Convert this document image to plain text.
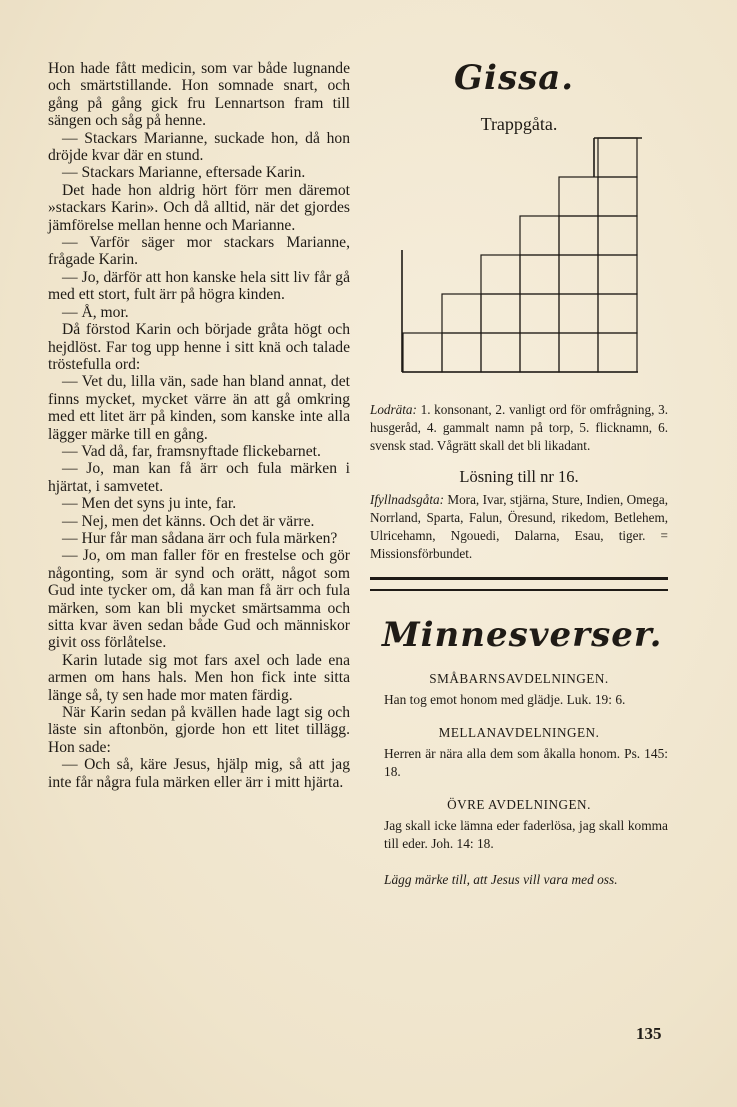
Hon hade fått medicin, som var både lugnande och smärtstillande. Hon somnade snart, och gång på gång gick fru Lennartson fram till sängen och såg på henne.

— Stackars Marianne, suckade hon, då hon dröjde kvar där en stund.

— Stackars Marianne, eftersade Karin.

Det hade hon aldrig hört förr men däremot »stackars Karin». Och då alltid, när det gjordes jämförelse mellan henne och Marianne.

— Varför säger mor stackars Marianne, frågade Karin.

— Jo, därför att hon kanske hela sitt liv får gå med ett stort, fult ärr på högra kinden.

— Å, mor.

Då förstod Karin och började gråta högt och hejdlöst. Far tog upp henne i sitt knä och talade tröstefulla ord:

— Vet du, lilla vän, sade han bland annat, det finns mycket, mycket värre än att gå omkring med ett litet ärr på kinden, som kanske inte alla lägger märke till en gång.

— Vad då, far, framsnyftade flickebarnet.

— Jo, man kan få ärr och fula märken i hjärtat, i samvetet.

— Men det syns ju inte, far.

— Nej, men det känns. Och det är värre.

— Hur får man sådana ärr och fula märken?

— Jo, om man faller för en frestelse och gör någonting, som är synd och orätt, något som Gud inte tycker om, då kan man få ärr och fula märken, som kan bli mycket smärtsamma och sitta kvar även sedan både Gud och människor givit oss förlåtelse.

Karin lutade sig mot fars axel och lade ena armen om hans hals. Men hon fick inte sitta länge så, ty sen hade mor maten färdig.

När Karin sedan på kvällen hade lagt sig och läste sin aftonbön, gjorde hon ett litet tillägg. Hon sade:

— Och så, käre Jesus, hjälp mig, så att jag inte får några fula märken eller ärr i mitt hjärta.

Gissa.
Trappgåta.
Lodräta: 1. konsonant, 2. vanligt ord för omfrågning, 3. husgeråd, 4. gammalt namn på torp, 5. flicknamn, 6. svensk stad. Vågrätt skall det bli likadant.
Lösning till nr 16.
Ifyllnadsgåta: Mora, Ivar, stjärna, Sture, Indien, Omega, Norrland, Sparta, Falun, Öresund, rikedom, Betlehem, Ulricehamn, Ngouedi, Dalarna, Esau, tiger. = Missionsförbundet.
Minnesverser.
SMÅBARNSAVDELNINGEN.
Han tog emot honom med glädje. Luk. 19: 6.
MELLANAVDELNINGEN.
Herren är nära alla dem som åkalla honom. Ps. 145: 18.
ÖVRE AVDELNINGEN.
Jag skall icke lämna eder faderlösa, jag skall komma till eder. Joh. 14: 18.
Lägg märke till, att Jesus vill vara med oss.
135
